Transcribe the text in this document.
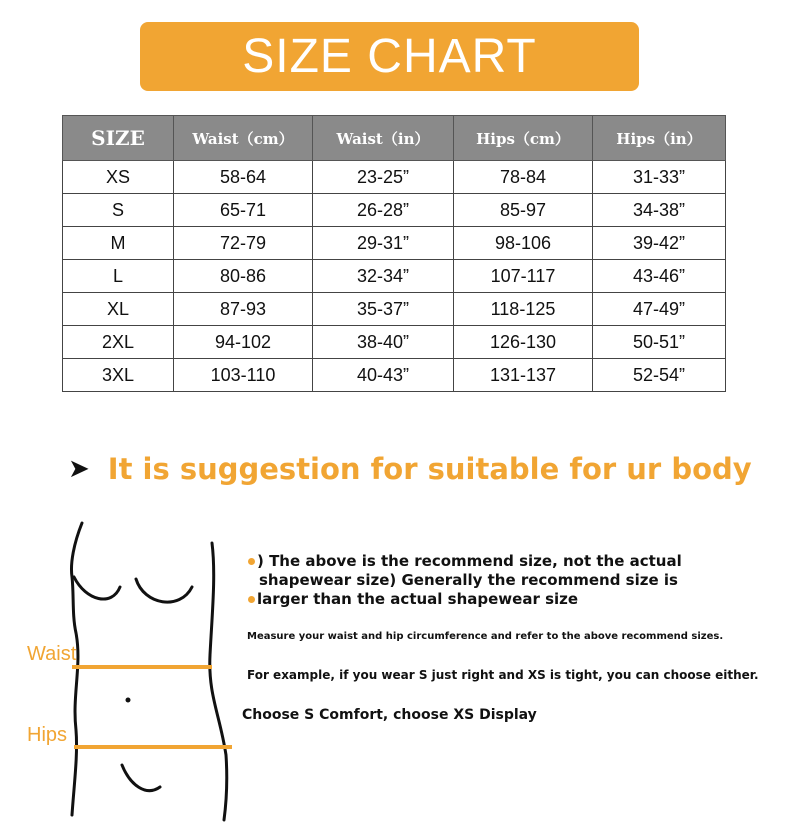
SIZE CHART
SIZE	Waist（cm）	Waist（in）	Hips（cm）	Hips（in）
XS	58-64	23-25”	78-84	31-33”
S	65-71	26-28”	85-97	34-38”
M	72-79	29-31”	98-106	39-42”
L	80-86	32-34”	107-117	43-46”
XL	87-93	35-37”	118-125	47-49”
2XL	94-102	38-40”	126-130	50-51”
3XL	103-110	40-43”	131-137	52-54”
➤ It is suggestion for suitable for ur body
Waist
Hips
) The above is the recommend size, not the actual
shapewear size) Generally the recommend size is
larger than the actual shapewear size
Measure your waist and hip circumference and refer to the above recommend sizes.
For example, if you wear S just right and XS is tight, you can choose either.
Choose S Comfort, choose XS Display
